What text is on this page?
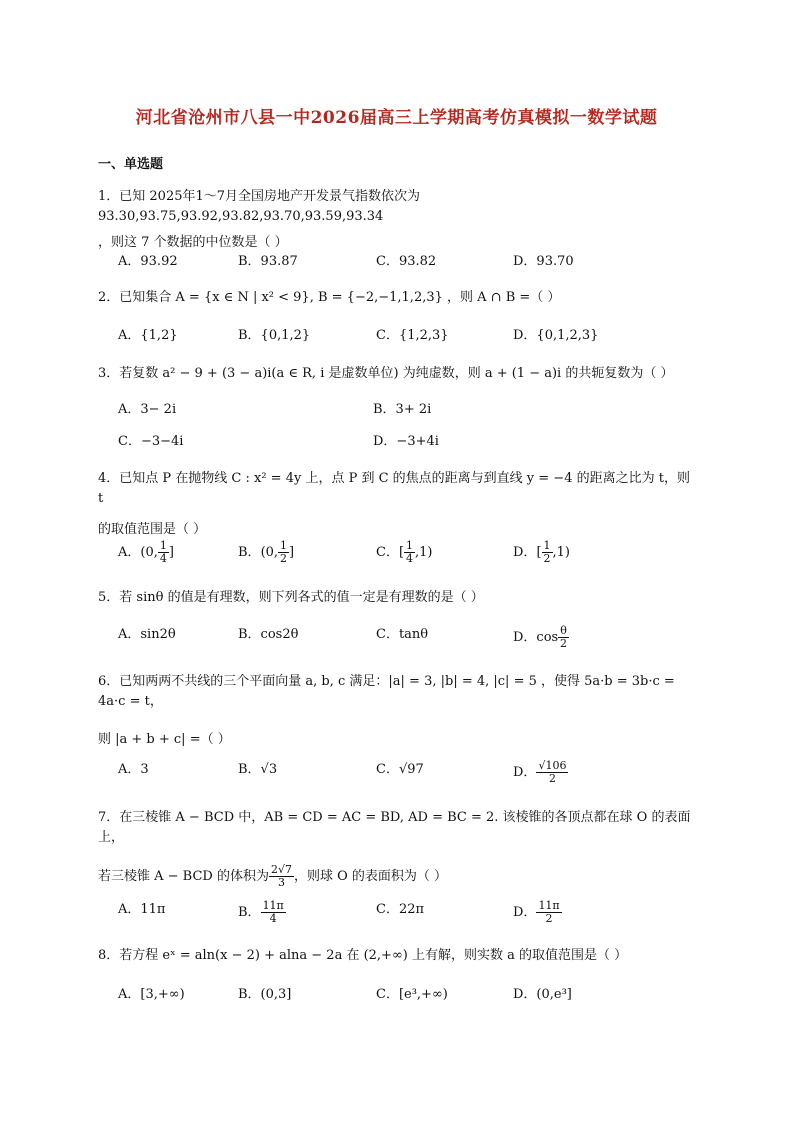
河北省沧州市八县一中2026届高三上学期高考仿真模拟一数学试题
一、单选题
1．已知 2025年1～7月全国房地产开发景气指数依次为93.30,93.75,93.92,93.82,93.70,93.59,93.34
，则这 7 个数据的中位数是（ ）
A．93.92	B．93.87	C．93.82	D．93.70
2．已知集合 A = {x ∈ N | x² < 9}, B = {−2,−1,1,2,3} ，则 A ∩ B =（ ）
A．{1,2}	B．{0,1,2}	C．{1,2,3}	D．{0,1,2,3}
3．若复数 a² − 9 + (3 − a)i(a ∈ R, i 是虚数单位) 为纯虚数，则 a + (1 − a)i 的共轭复数为（ ）
A．3− 2i	B．3+ 2i
C．−3−4i	D．−3+4i
4．已知点 P 在抛物线 C : x² = 4y 上，点 P 到 C 的焦点的距离与到直线 y = −4 的距离之比为 t，则 t
的取值范围是（ ）
A．(0, $\frac{1}{4}$ ]	B．(0, $\frac{1}{2}$ ]	C．[ $\frac{1}{4} ,1$)	D．[ $\frac{1}{2} ,1$)
5．若 sinθ 的值是有理数，则下列各式的值一定是有理数的是（ ）
A．sin2θ	B．cos2θ	C．tanθ	D．$\cos \frac{\theta}{2}$
6．已知两两不共线的三个平面向量 a, b, c 满足：|a| = 3, |b| = 4, |c| = 5 ，使得 5a·b = 3b·c = 4a·c = t，
则 |a + b + c| =（ ）
A．3	B．√3	C．√97	D． $\frac{√106}{2}$
7．在三棱锥 A − BCD 中，AB = CD = AC = BD, AD = BC = 2. 该棱锥的各顶点都在球 O 的表面上，
若三棱锥 A − BCD 的体积为 $\frac{2√7}{3}$ ，则球 O 的表面积为（ ）
A．11π	B． $\frac{11\pi}{4}$	C．22π	D． $\frac{11\pi}{2}$
8．若方程 eˣ = aln(x − 2) + alna − 2a 在 (2,+∞) 上有解，则实数 a 的取值范围是（ ）
A．[3,+∞)	B．(0,3]	C．[e³,+∞)	D．(0,e³]
